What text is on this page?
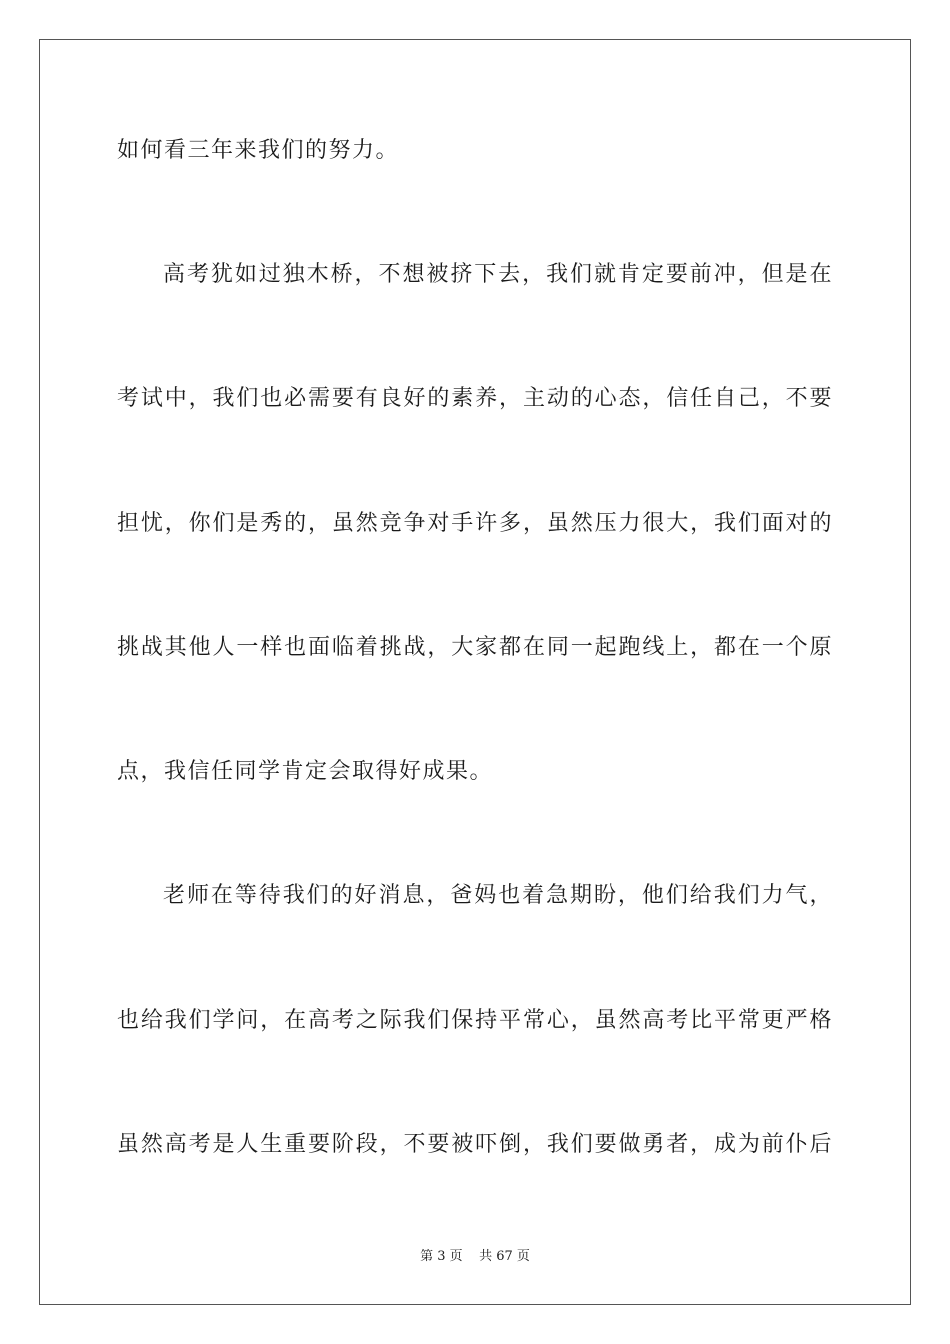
如何看三年来我们的努力。
高考犹如过独木桥，不想被挤下去，我们就肯定要前冲，但是在
考试中，我们也必需要有良好的素养，主动的心态，信任自己，不要
担忧，你们是秀的，虽然竞争对手许多，虽然压力很大，我们面对的
挑战其他人一样也面临着挑战，大家都在同一起跑线上，都在一个原
点，我信任同学肯定会取得好成果。
老师在等待我们的好消息，爸妈也着急期盼，他们给我们力气，
也给我们学问，在高考之际我们保持平常心，虽然高考比平常更严格
虽然高考是人生重要阶段，不要被吓倒，我们要做勇者，成为前仆后
第 3 页    共 67 页
